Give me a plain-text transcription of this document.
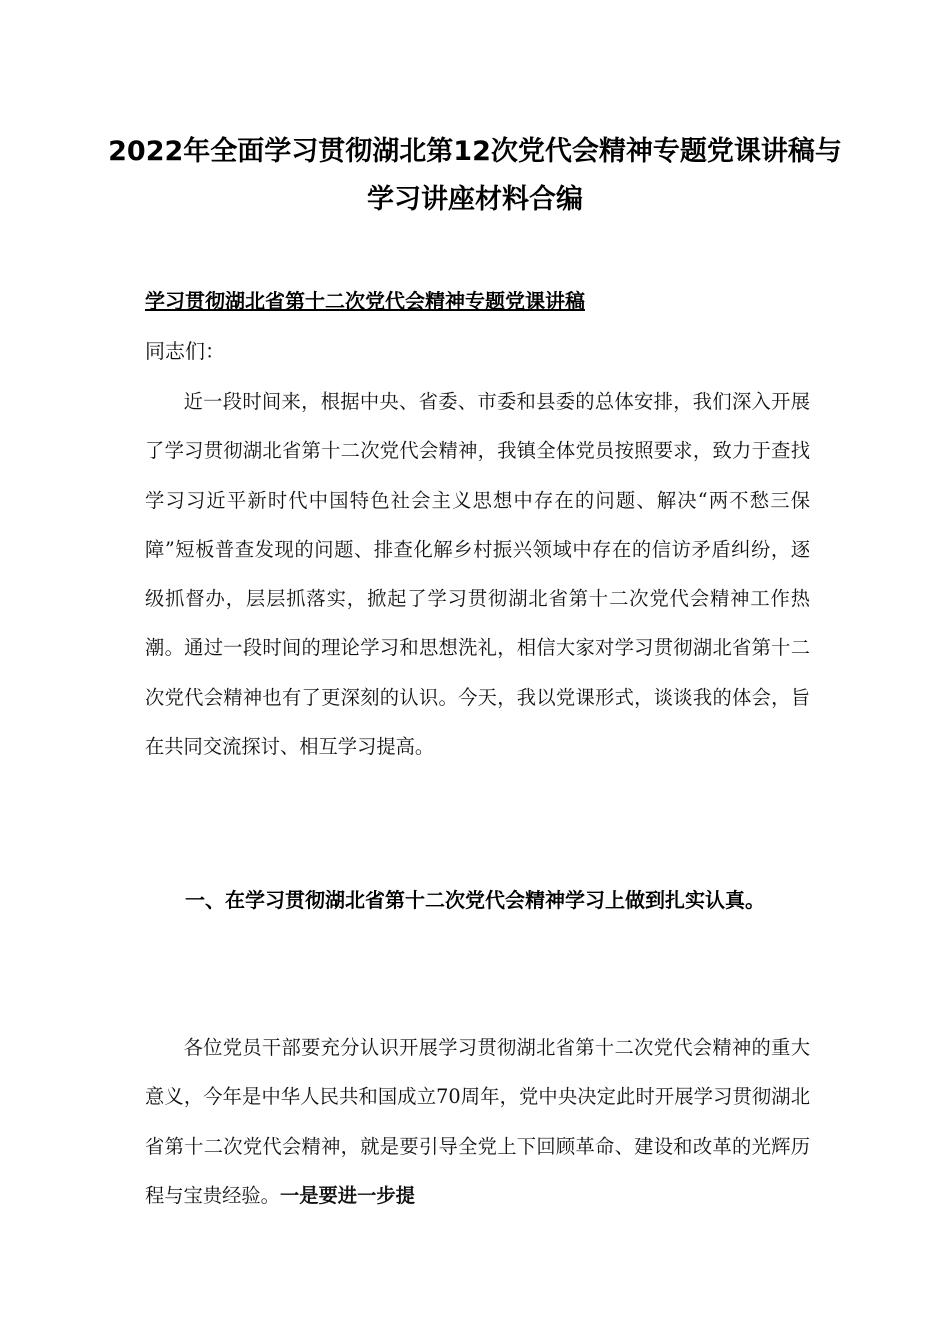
2022年全面学习贯彻湖北第12次党代会精神专题党课讲稿与学习讲座材料合编
学习贯彻湖北省第十二次党代会精神专题党课讲稿
同志们：

近一段时间来，根据中央、省委、市委和县委的总体安排，我们深入开展了学习贯彻湖北省第十二次党代会精神，我镇全体党员按照要求，致力于查找学习习近平新时代中国特色社会主义思想中存在的问题、解决“两不愁三保障”短板普查发现的问题、排查化解乡村振兴领域中存在的信访矛盾纠纷，逐级抓督办，层层抓落实，掀起了学习贯彻湖北省第十二次党代会精神工作热潮。通过一段时间的理论学习和思想洗礼，相信大家对学习贯彻湖北省第十二次党代会精神也有了更深刻的认识。今天，我以党课形式，谈谈我的体会，旨在共同交流探讨、相互学习提高。

一、在学习贯彻湖北省第十二次党代会精神学习上做到扎实认真。

各位党员干部要充分认识开展学习贯彻湖北省第十二次党代会精神的重大意义，今年是中华人民共和国成立70周年，党中央决定此时开展学习贯彻湖北省第十二次党代会精神，就是要引导全党上下回顾革命、建设和改革的光辉历程与宝贵经验。一是要进一步提
